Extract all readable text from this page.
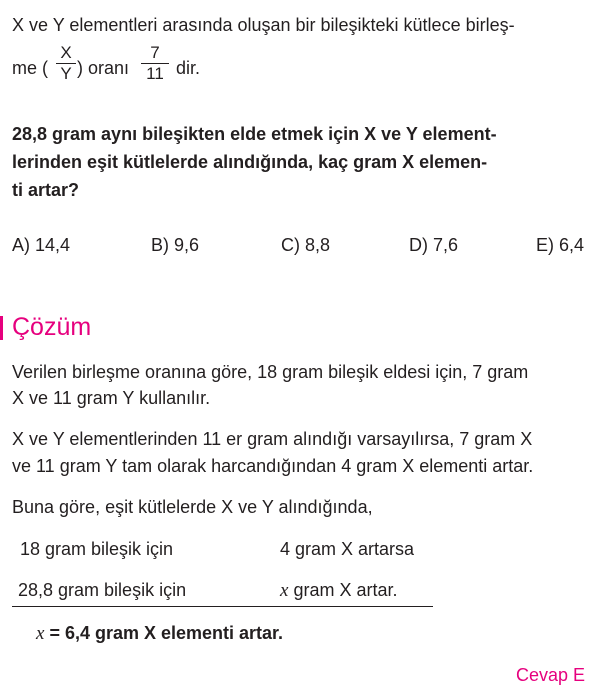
X ve Y elementleri arasında oluşan bir bileşikteki kütlece birleş-
me (
X
Y ) oranı
7
11 dir.
28,8 gram aynı bileşikten elde etmek için X ve Y element-
lerinden eşit kütlelerde alındığında, kaç gram X elemen-
ti artar?
A) 14,4	B) 9,6	C) 8,8	D) 7,6	E) 6,4
Çözüm
Verilen birleşme oranına göre, 18 gram bileşik eldesi için, 7 gram
X ve 11 gram Y kullanılır.
X ve Y elementlerinden 11 er gram alındığı varsayılırsa, 7 gram X
ve 11 gram Y tam olarak harcandığından 4 gram X elementi artar.
Buna göre, eşit kütlelerde X ve Y alındığında,
18 gram bileşik için	4 gram X artarsa
28,8 gram bileşik için	x gram X artar.
x = 6,4 gram X elementi artar.
Cevap E
